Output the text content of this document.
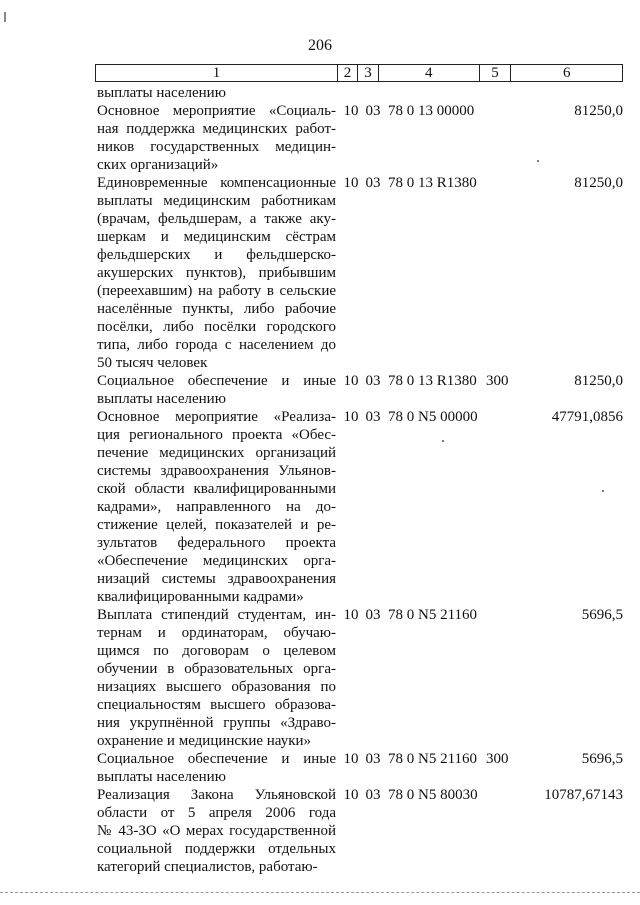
206
1	2 3	4	5	6
выплаты населению
Основное мероприятие «Социаль-
ная поддержка медицинских работ-
ников государственных медицин-
ских организаций»
10 03 78 0 13 00000	81250,0
Единовременные компенсационные
выплаты медицинским работникам
(врачам, фельдшерам, а также аку-
шеркам и медицинским сёстрам
фельдшерских и фельдшерско-
акушерских пунктов), прибывшим
(переехавшим) на работу в сельские
населённые пункты, либо рабочие
посёлки, либо посёлки городского
типа, либо города с населением до
50 тысяч человек
10 03 78 0 13 R1380	81250,0
Социальное обеспечение и иные
выплаты населению
10 03 78 0 13 R1380 300	81250,0
Основное мероприятие «Реализа-
ция регионального проекта «Обес-
печение медицинских организаций
системы здравоохранения Ульянов-
ской области квалифицированными
кадрами», направленного на до-
стижение целей, показателей и ре-
зультатов федерального проекта
«Обеспечение медицинских орга-
низаций системы здравоохранения
квалифицированными кадрами»
10 03 78 0 N5 00000	47791,0856
Выплата стипендий студентам, ин-
тернам и ординаторам, обучаю-
щимся по договорам о целевом
обучении в образовательных орга-
низациях высшего образования по
специальностям высшего образова-
ния укрупнённой группы «Здраво-
охранение и медицинские науки»
10 03 78 0 N5 21160	5696,5
Социальное обеспечение и иные
выплаты населению
10 03 78 0 N5 21160 300	5696,5
Реализация Закона Ульяновской
области от 5 апреля 2006 года
№ 43-ЗО «О мерах государственной
социальной поддержки отдельных
категорий специалистов, работаю-
10 03 78 0 N5 80030	10787,67143
